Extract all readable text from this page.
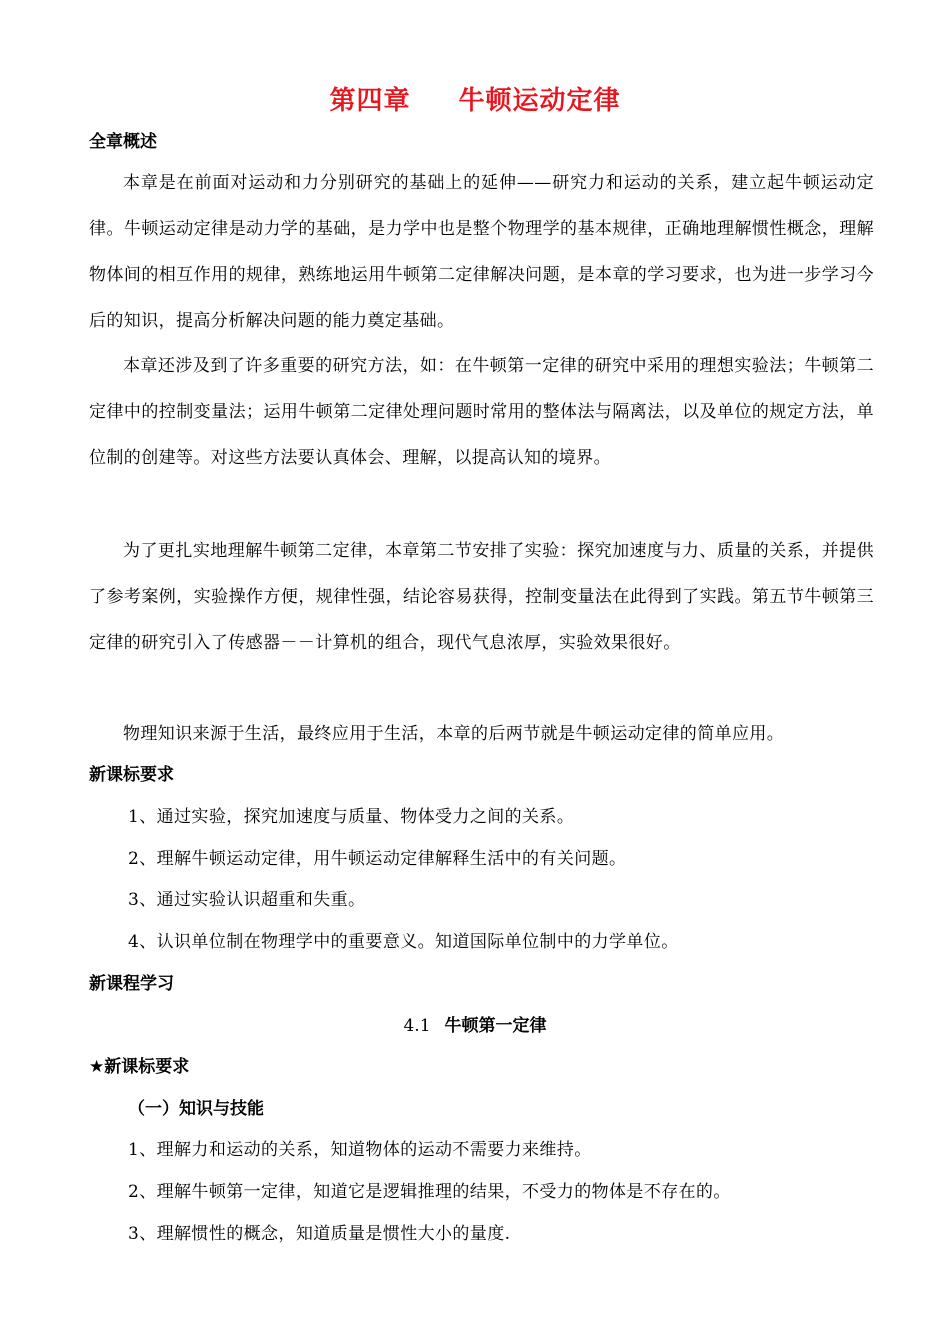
第四章 牛顿运动定律
全章概述
本章是在前面对运动和力分别研究的基础上的延伸——研究力和运动的关系，建立起牛顿运动定律。牛顿运动定律是动力学的基础，是力学中也是整个物理学的基本规律，正确地理解惯性概念，理解物体间的相互作用的规律，熟练地运用牛顿第二定律解决问题，是本章的学习要求，也为进一步学习今后的知识，提高分析解决问题的能力奠定基础。
本章还涉及到了许多重要的研究方法，如：在牛顿第一定律的研究中采用的理想实验法；牛顿第二定律中的控制变量法；运用牛顿第二定律处理问题时常用的整体法与隔离法，以及单位的规定方法，单位制的创建等。对这些方法要认真体会、理解，以提高认知的境界。
为了更扎实地理解牛顿第二定律，本章第二节安排了实验：探究加速度与力、质量的关系，并提供了参考案例，实验操作方便，规律性强，结论容易获得，控制变量法在此得到了实践。第五节牛顿第三定律的研究引入了传感器－－计算机的组合，现代气息浓厚，实验效果很好。
物理知识来源于生活，最终应用于生活，本章的后两节就是牛顿运动定律的简单应用。
新课标要求
1、通过实验，探究加速度与质量、物体受力之间的关系。
2、理解牛顿运动定律，用牛顿运动定律解释生活中的有关问题。
3、通过实验认识超重和失重。
4、认识单位制在物理学中的重要意义。知道国际单位制中的力学单位。
新课程学习
4.1 牛顿第一定律
★新课标要求
（一）知识与技能
1、理解力和运动的关系，知道物体的运动不需要力来维持。
2、理解牛顿第一定律，知道它是逻辑推理的结果，不受力的物体是不存在的。
3、理解惯性的概念，知道质量是惯性大小的量度.
